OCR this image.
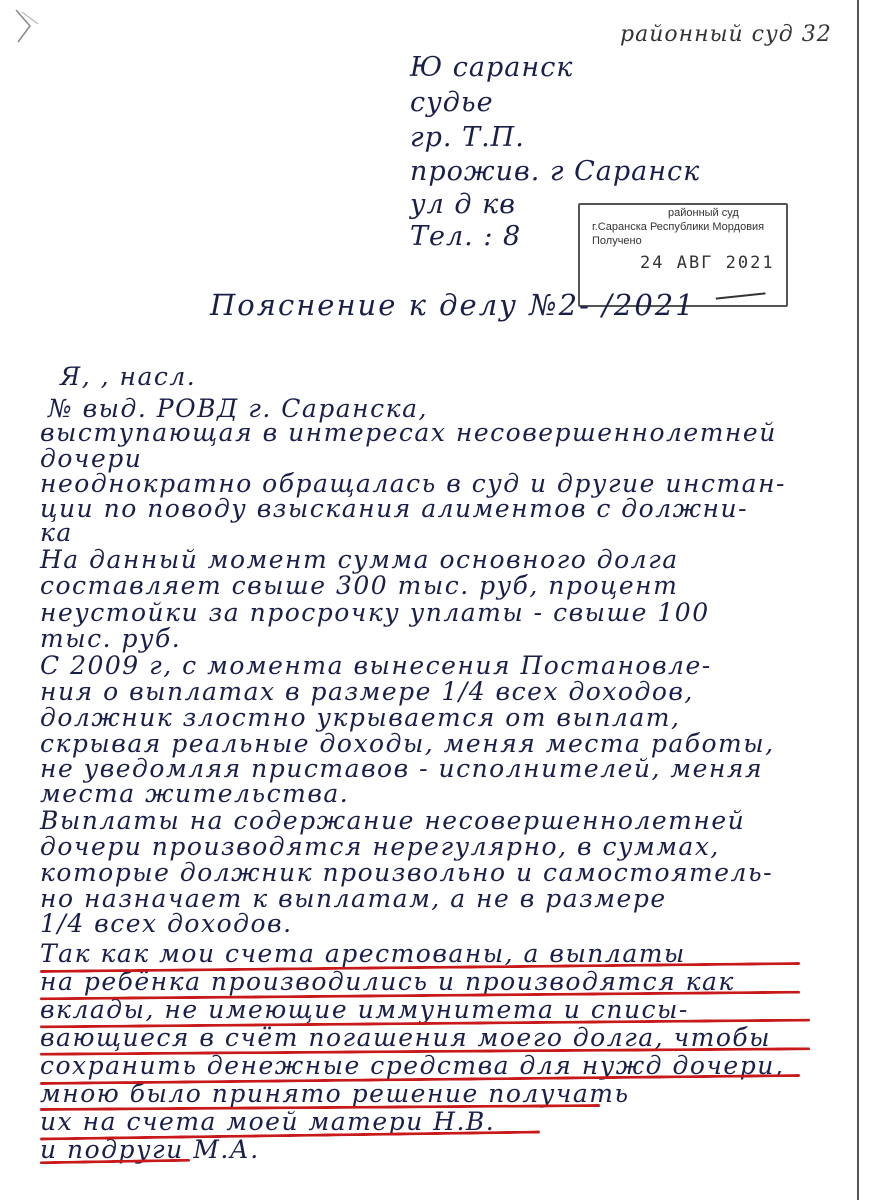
районный суд 32
Ю саранск
судье
гр. Т.П.
прожив. г Саранск
ул д кв
Тел. : 8
районный суд
г.Саранска Республики Мордовия
Получено
24 АВГ 2021
Пояснение к делу №2- /2021
Я, , насл.
№ выд. РОВД г. Саранска,
выступающая в интересах несовершеннолетней
дочери
неоднократно обращалась в суд и другие инстан-
ции по поводу взыскания алиментов с должни-
ка
На данный момент сумма основного долга
составляет свыше 300 тыс. руб, процент
неустойки за просрочку уплаты - свыше 100
тыс. руб.
С 2009 г, с момента вынесения Постановле-
ния о выплатах в размере 1/4 всех доходов,
должник злостно укрывается от выплат,
скрывая реальные доходы, меняя места работы,
не уведомляя приставов - исполнителей, меняя
места жительства.
Выплаты на содержание несовершеннолетней
дочери производятся нерегулярно, в суммах,
которые должник произвольно и самостоятель-
но назначает к выплатам, а не в размере
1/4 всех доходов.
Так как мои счета арестованы, а выплаты
на ребёнка производились и производятся как
вклады, не имеющие иммунитета и списы-
вающиеся в счёт погашения моего долга, чтобы
сохранить денежные средства для нужд дочери,
мною было принято решение получать
их на счета моей матери Н.В.
и подруги М.А.
